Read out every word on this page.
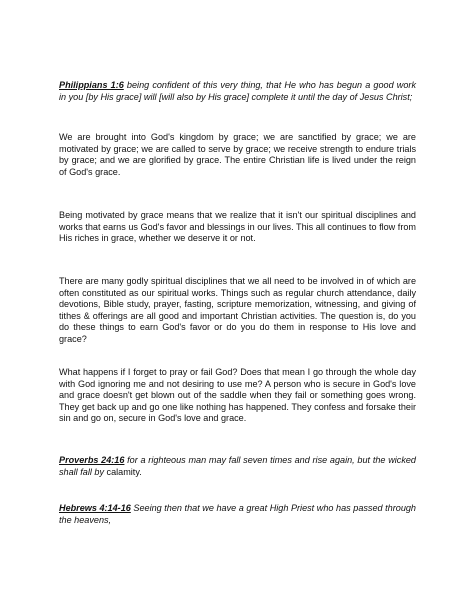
Philippians 1:6 being confident of this very thing, that He who has begun a good work in you [by His grace] will [will also by His grace] complete it until the day of Jesus Christ;

We are brought into God's kingdom by grace; we are sanctified by grace; we are motivated by grace; we are called to serve by grace; we receive strength to endure trials by grace; and we are glorified by grace. The entire Christian life is lived under the reign of God's grace.

Being motivated by grace means that we realize that it isn't our spiritual disciplines and works that earns us God's favor and blessings in our lives. This all continues to flow from His riches in grace, whether we deserve it or not.

There are many godly spiritual disciplines that we all need to be involved in of which are often constituted as our spiritual works. Things such as regular church attendance, daily devotions, Bible study, prayer, fasting, scripture memorization, witnessing, and giving of tithes & offerings are all good and important Christian activities. The question is, do you do these things to earn God's favor or do you do them in response to His love and grace?

What happens if I forget to pray or fail God? Does that mean I go through the whole day with God ignoring me and not desiring to use me? A person who is secure in God's love and grace doesn't get blown out of the saddle when they fail or something goes wrong. They get back up and go one like nothing has happened. They confess and forsake their sin and go on, secure in God's love and grace.

Proverbs 24:16 for a righteous man may fall seven times and rise again, but the wicked shall fall by calamity.

Hebrews 4:14-16 Seeing then that we have a great High Priest who has passed through the heavens,
